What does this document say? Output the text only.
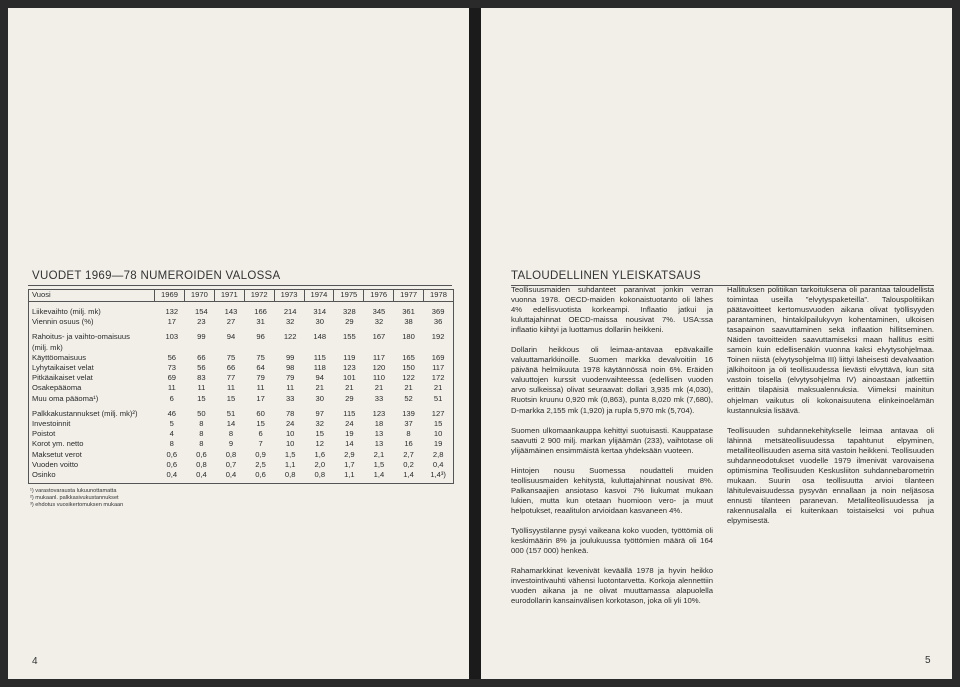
VUODET 1969—78 NUMEROIDEN VALOSSA
Vuosi	1969	1970	1971	1972	1973	1974	1975	1976	1977	1978
Liikevaihto (milj. mk)	132	154	143	166	214	314	328	345	361	369
Viennin osuus (%)	17	23	27	31	32	30	29	32	38	36
Rahoitus- ja vaihto-omaisuus	103	99	94	96	122	148	155	167	180	192
(milj. mk)
Käyttöomaisuus	56	66	75	75	99	115	119	117	165	169
Lyhytaikaiset velat	73	56	66	64	98	118	123	120	150	117
Pitkäaikaiset velat	69	83	77	79	79	94	101	110	122	172
Osakepääoma	11	11	11	11	11	21	21	21	21	21
Muu oma pääoma¹)	6	15	15	17	33	30	29	33	52	51
Palkkakustannukset (milj. mk)²)	46	50	51	60	78	97	115	123	139	127
Investoinnit	5	8	14	15	24	32	24	18	37	15
Poistot	4	8	8	6	10	15	19	13	8	10
Korot ym. netto	8	8	9	7	10	12	14	13	16	19
Maksetut verot	0,6	0,6	0,8	0,9	1,5	1,6	2,9	2,1	2,7	2,8
Vuoden voitto	0,6	0,8	0,7	2,5	1,1	2,0	1,7	1,5	0,2	0,4
Osinko	0,4	0,4	0,4	0,6	0,8	0,8	1,1	1,4	1,4	1,4³)
¹) varastovarausta lukuunottamatta
²) mukaanl. palkkasivukustannukset
³) ehdotus vuosikertomuksen mukaan
4
TALOUDELLINEN YLEISKATSAUS

Teollisuusmaiden suhdanteet paranivat jonkin verran vuonna 1978. OECD-maiden kokonaistuotanto oli lähes 4% edellisvuotista korkeampi. Inflaatio jatkui ja kuluttajahinnat OECD-maissa nousivat 7%. USA:ssa inflaatio kiihtyi ja luottamus dollariin heikkeni.

Dollarin heikkous oli leimaa-antavaa epävakaille valuuttamarkkinoille. Suomen markka devalvoitiin 16 päivänä helmikuuta 1978 käytännössä noin 6%. Eräiden valuuttojen kurssit vuodenvaihteessa (edellisen vuoden arvo sulkeissa) olivat seuraavat: dollari 3,935 mk (4,030), Ruotsin kruunu 0,920 mk (0,863), punta 8,020 mk (7,680), D-markka 2,155 mk (1,920) ja rupla 5,970 mk (5,704).

Suomen ulkomaankauppa kehittyi suotuisasti. Kauppatase saavutti 2 900 milj. markan ylijäämän (233), vaihtotase oli ylijäämäinen ensimmäistä kertaa yhdeksään vuoteen.

Hintojen nousu Suomessa noudatteli muiden teollisuusmaiden kehitystä, kuluttajahinnat nousivat 8%. Palkansaajien ansiotaso kasvoi 7% liukumat mukaan lukien, mutta kun otetaan huomioon vero- ja muut helpotukset, reaalitulon arvioidaan kasvaneen 4%.

Työllisyystilanne pysyi vaikeana koko vuoden, työttömiä oli keskimäärin 8% ja joulukuussa työttömien määrä oli 164 000 (157 000) henkeä.

Rahamarkkinat kevenivät keväällä 1978 ja hyvin heikko investointivauhti vähensi luotontarvetta. Korkoja alennettiin vuoden aikana ja ne olivat muuttamassa alapuolella eurodollarin kansainvälisen korkotason, joka oli yli 10%.

Hallituksen politiikan tarkoituksena oli parantaa taloudellista toimintaa useilla ”elvytyspaketeilla”. Talouspolitiikan päätavoitteet kertomusvuoden aikana olivat työllisyyden parantaminen, hintakilpailukyvyn kohentaminen, ulkoisen tasapainon saavuttaminen sekä inflaation hillitseminen. Näiden tavoitteiden saavuttamiseksi maan hallitus esitti samoin kuin edellisenäkin vuonna kaksi elvytysohjelmaa. Toinen niistä (elvytysohjelma III) liittyi läheisesti devalvaation jälkihoitoon ja oli teollisuudessa lievästi elvyttävä, kun sitä vastoin toisella (elvytysohjelma IV) ainoastaan jatkettiin erittäin tilapäisiä maksualennuksia. Viimeksi mainitun ohjelman vaikutus oli kokonaisuutena elinkeinoelämän kustannuksia lisäävä.

Teollisuuden suhdannekehitykselle leimaa antavaa oli lähinnä metsäteollisuudessa tapahtunut elpyminen, metalliteollisuuden asema sitä vastoin heikkeni. Teollisuuden suhdanneodotukset vuodelle 1979 ilmenivät varovaisena optimismina Teollisuuden Keskusliiton suhdannebarometrin mukaan. Suurin osa teollisuutta arvioi tilanteen lähitulevaisuudessa pysyvän ennallaan ja noin neljäsosa ennusti tilanteen paranevan. Metalliteollisuudessa ja rakennusalalla ei kuitenkaan toistaiseksi voi puhua elpymisestä.

5
